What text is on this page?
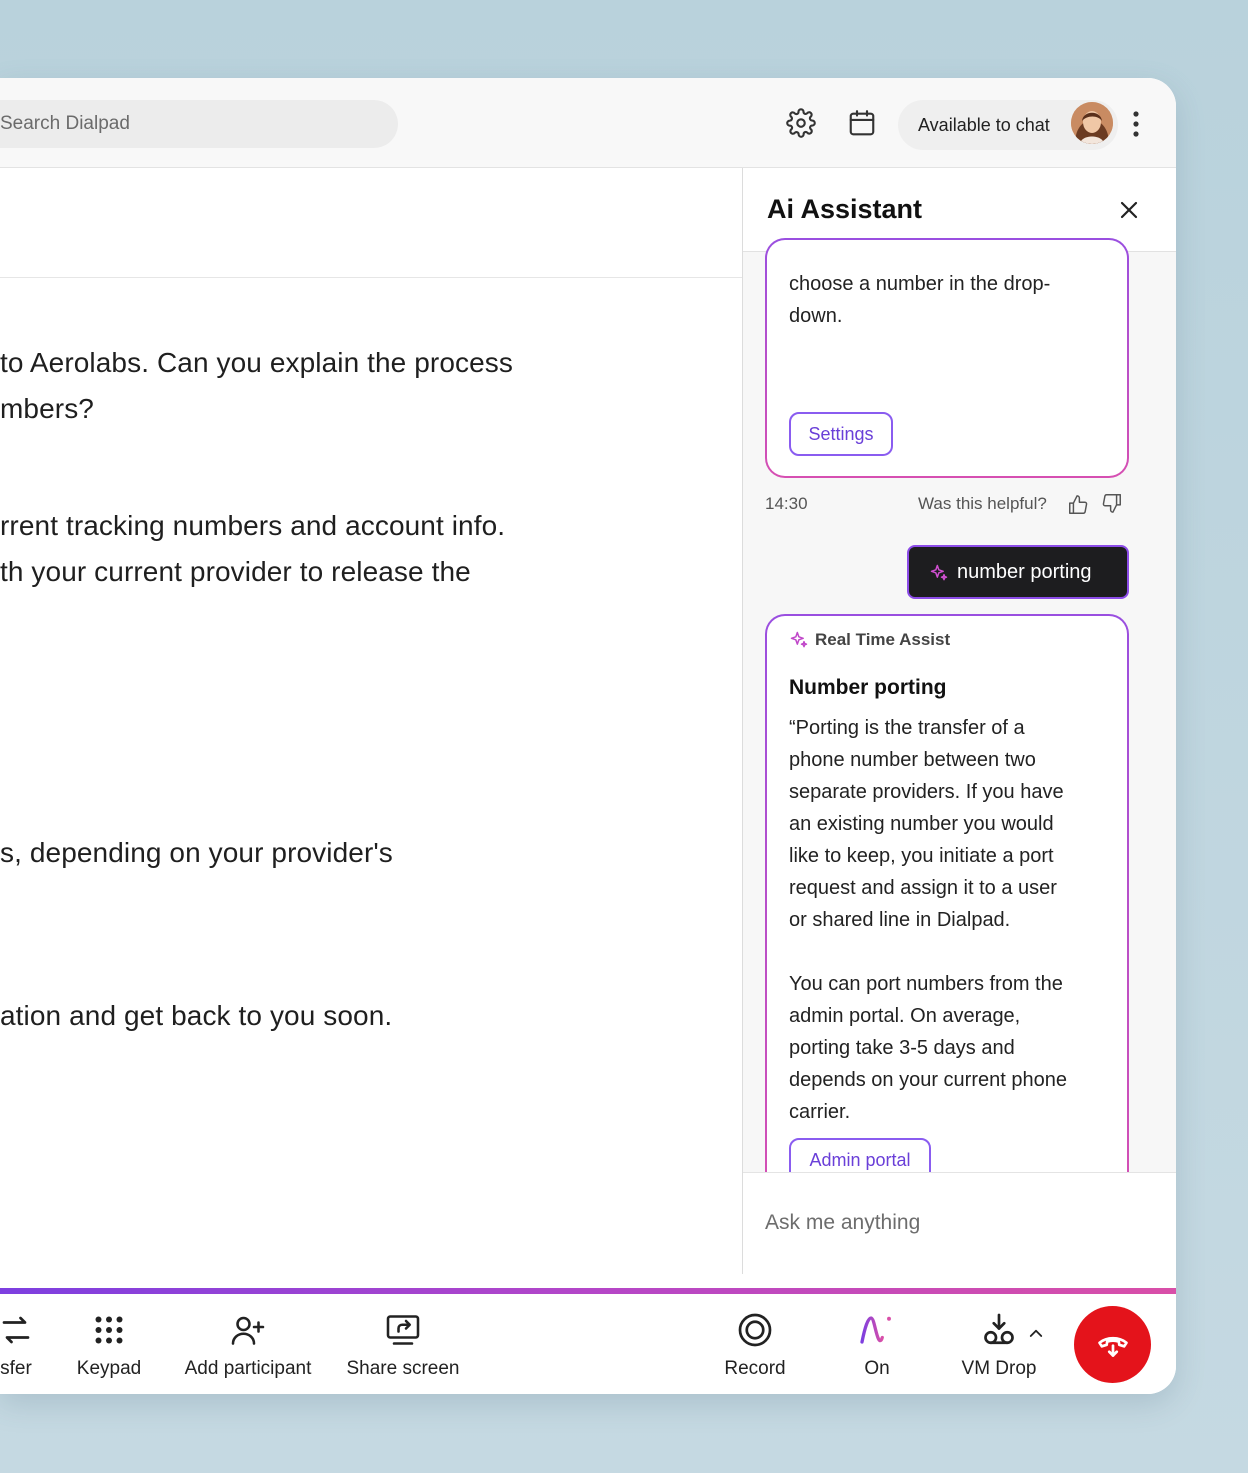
Search Dialpad	Available to chat
to Aerolabs. Can you explain the process
mbers?
rrent tracking numbers and account info.
th your current provider to release the
s, depending on your provider's
ation and get back to you soon.
Ai Assistant
choose a number in the drop-
down.
Settings
14:30	Was this helpful?
number porting
Real Time Assist
Number porting
“Porting is the transfer of a
phone number between two
separate providers. If you have
an existing number you would
like to keep, you initiate a port
request and assign it to a user
or shared line in Dialpad.
You can port numbers from the
admin portal. On average,
porting take 3-5 days and
depends on your current phone
carrier.
Admin portal
Ask me anything
sfer Keypad Add participant Share screen	Record	On	VM Drop
